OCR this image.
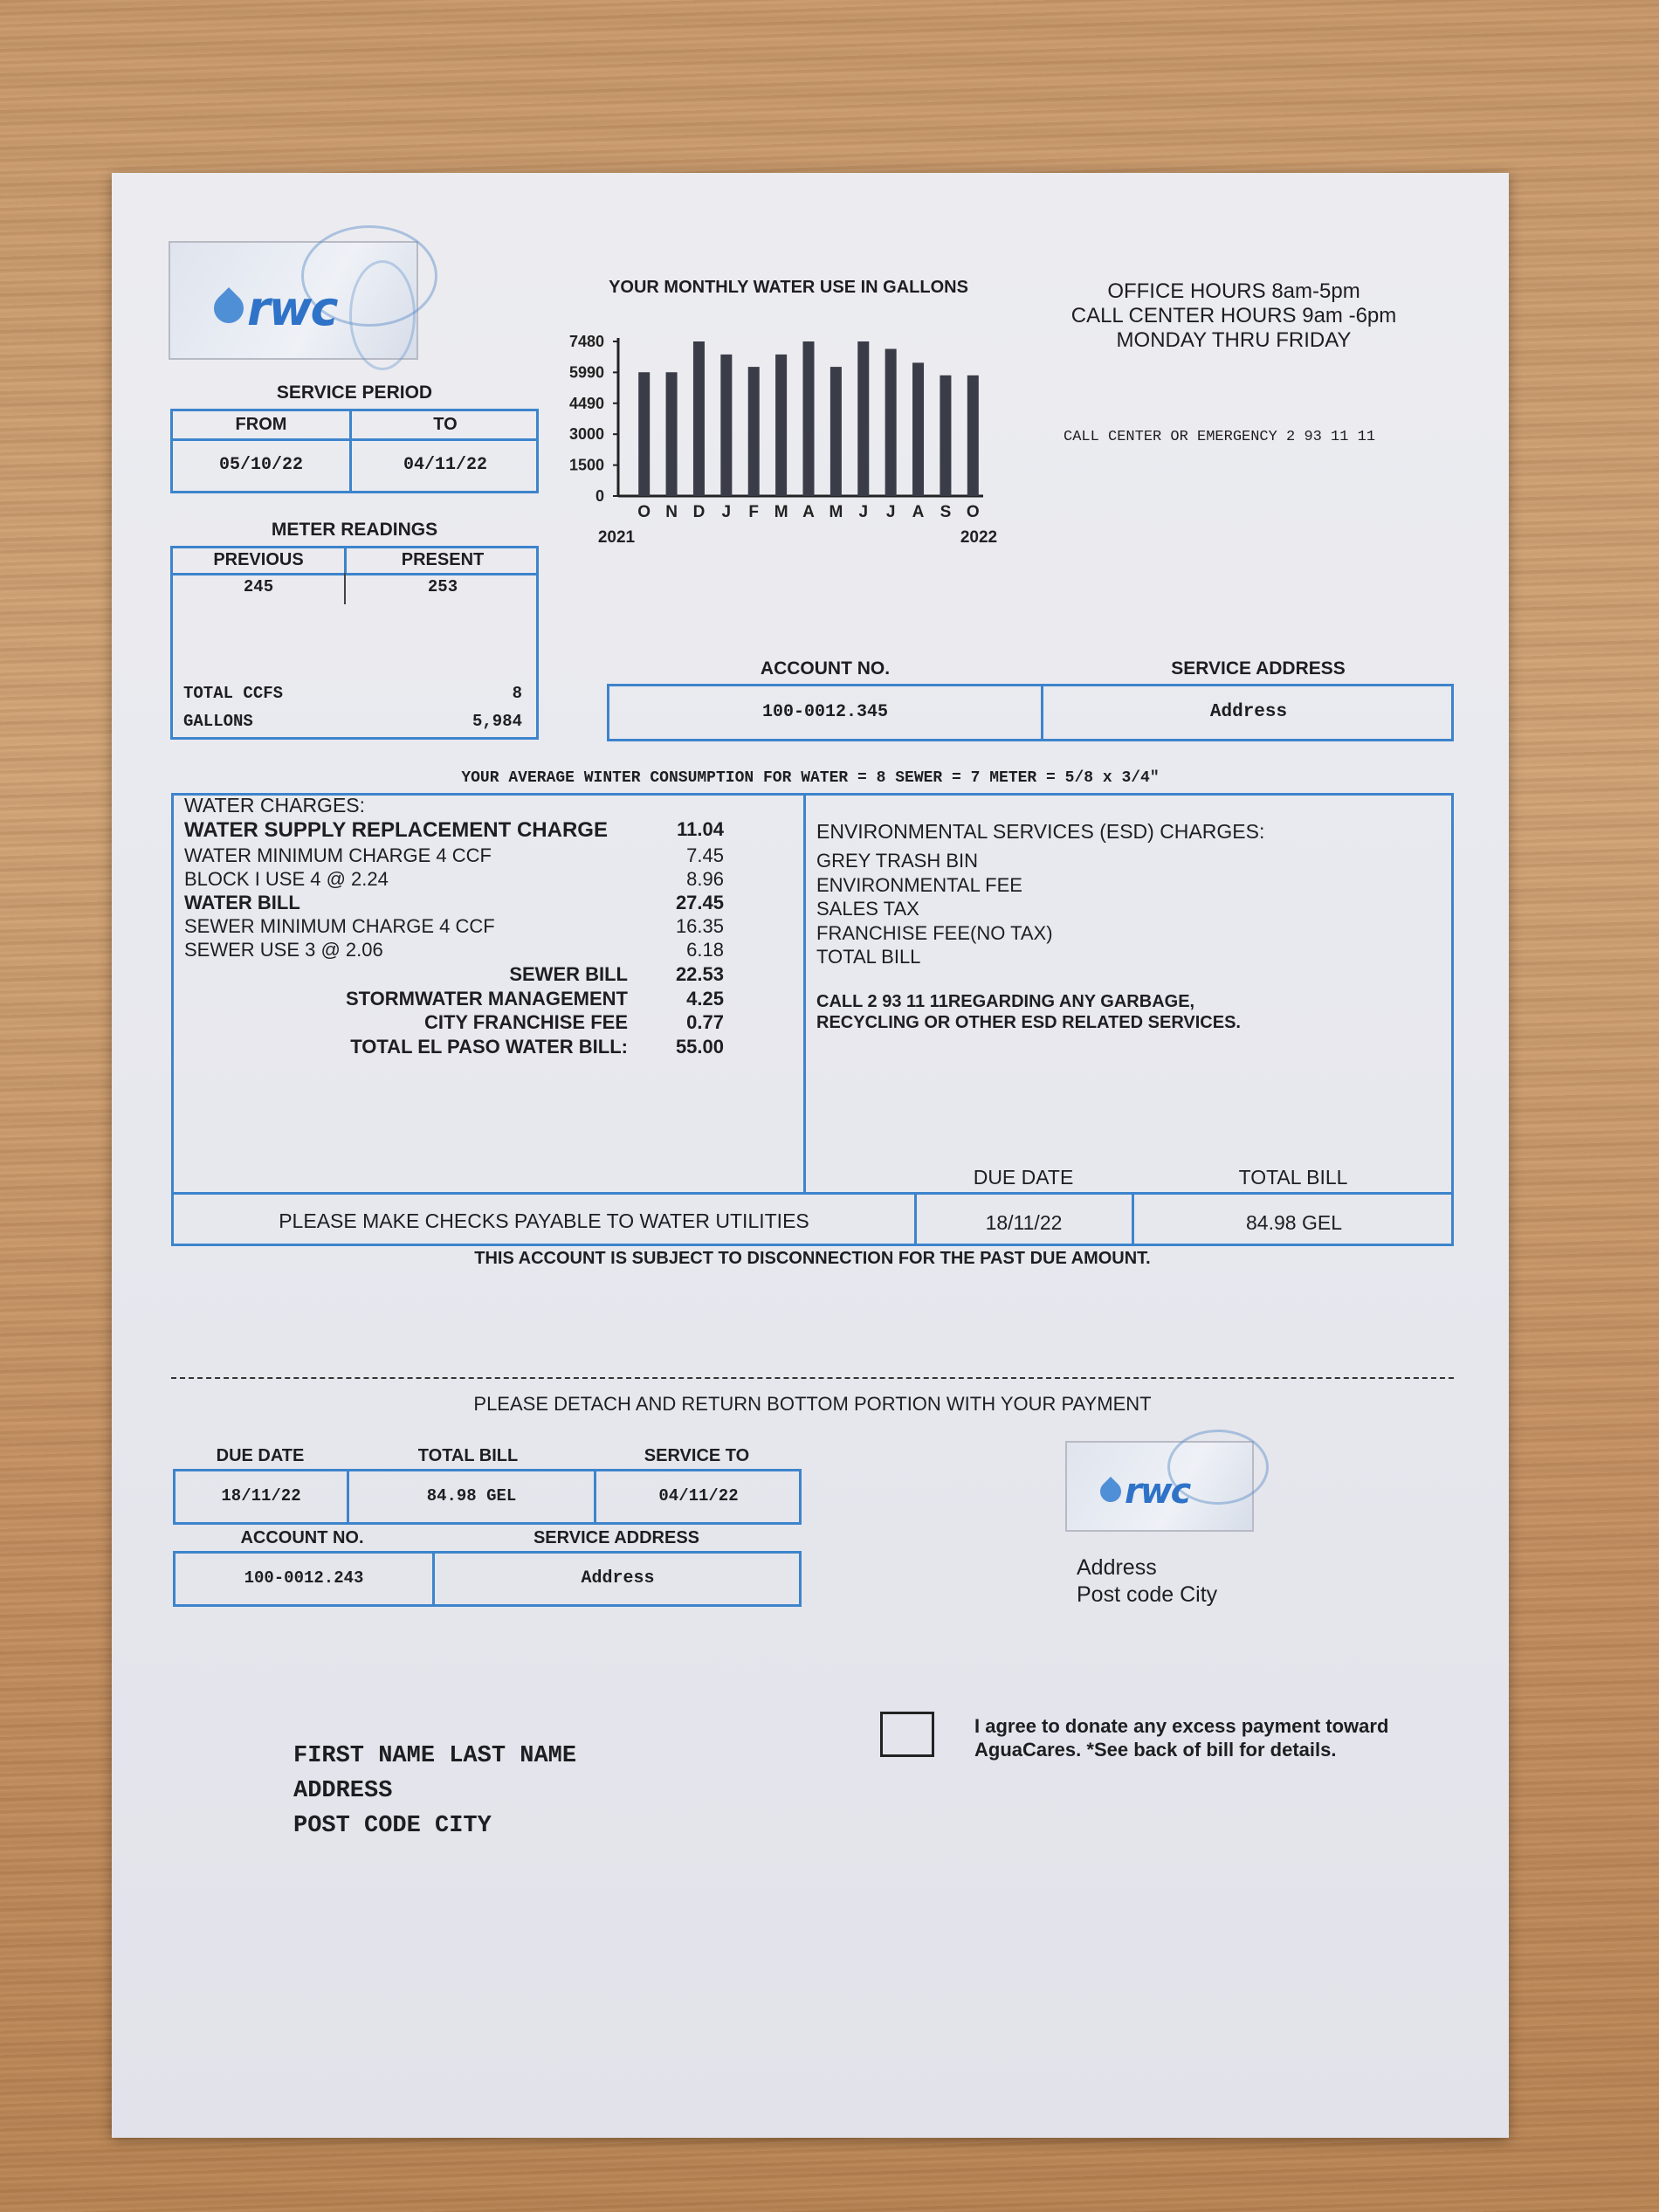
rwc
SERVICE PERIOD
FROM	TO
05/10/22	04/11/22
METER READINGS
PREVIOUS	PRESENT
245	253
TOTAL CCFS	8
GALLONS	5,984
YOUR MONTHLY WATER USE IN GALLONS
7480
5990
4490
3000
1500
0
O N D J F M A M J J A S O
2021	2022
OFFICE HOURS 8am-5pm
CALL CENTER HOURS 9am -6pm
MONDAY THRU FRIDAY
CALL CENTER OR EMERGENCY 2 93 11 11
ACCOUNT NO.	SERVICE ADDRESS
100-0012.345	Address
YOUR AVERAGE WINTER CONSUMPTION FOR WATER = 8 SEWER = 7 METER = 5/8 x 3/4"
WATER CHARGES:
WATER SUPPLY REPLACEMENT CHARGE	11.04
WATER MINIMUM CHARGE 4 CCF	7.45
BLOCK I USE 4 @ 2.24	8.96
WATER BILL	27.45
SEWER MINIMUM CHARGE 4 CCF	16.35
SEWER USE 3 @ 2.06	6.18
SEWER BILL	22.53
STORMWATER MANAGEMENT	4.25
CITY FRANCHISE FEE	0.77
TOTAL EL PASO WATER BILL:	55.00
ENVIRONMENTAL SERVICES (ESD) CHARGES:
GREY TRASH BIN
ENVIRONMENTAL FEE
SALES TAX
FRANCHISE FEE(NO TAX)
TOTAL BILL
CALL 2 93 11 11REGARDING ANY GARBAGE,
RECYCLING OR OTHER ESD RELATED SERVICES.
DUE DATE	TOTAL BILL
PLEASE MAKE CHECKS PAYABLE TO WATER UTILITIES	18/11/22	84.98 GEL
THIS ACCOUNT IS SUBJECT TO DISCONNECTION FOR THE PAST DUE AMOUNT.
PLEASE DETACH AND RETURN BOTTOM PORTION WITH YOUR PAYMENT
DUE DATE	TOTAL BILL	SERVICE TO
18/11/22	84.98 GEL	04/11/22
ACCOUNT NO.	SERVICE ADDRESS
100-0012.243	Address
rwc
Address
Post code City
I agree to donate any excess payment toward
AguaCares. *See back of bill for details.
FIRST NAME LAST NAME
ADDRESS
POST CODE CITY
